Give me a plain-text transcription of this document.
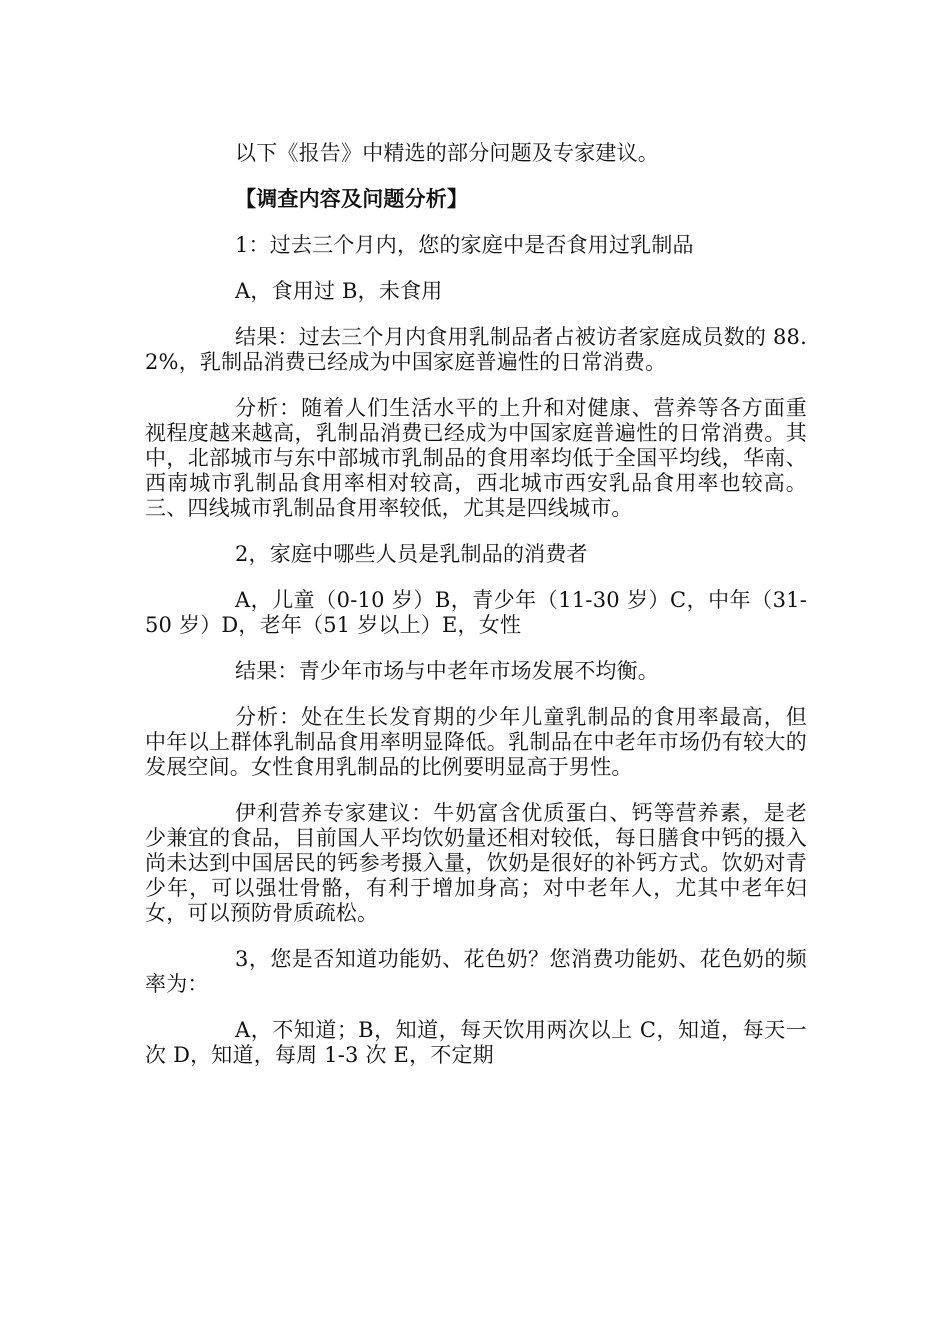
以下《报告》中精选的部分问题及专家建议。

【调查内容及问题分析】

1：过去三个月内，您的家庭中是否食用过乳制品

A，食用过 B，未食用

结果：过去三个月内食用乳制品者占被访者家庭成员数的 88.2%，乳制品消费已经成为中国家庭普遍性的日常消费。

分析：随着人们生活水平的上升和对健康、营养等各方面重视程度越来越高，乳制品消费已经成为中国家庭普遍性的日常消费。其中，北部城市与东中部城市乳制品的食用率均低于全国平均线，华南、西南城市乳制品食用率相对较高，西北城市西安乳品食用率也较高。三、四线城市乳制品食用率较低，尤其是四线城市。

2，家庭中哪些人员是乳制品的消费者

A，儿童（0-10 岁）B，青少年（11-30 岁）C，中年（31-50 岁）D，老年（51 岁以上）E，女性

结果：青少年市场与中老年市场发展不均衡。

分析：处在生长发育期的少年儿童乳制品的食用率最高，但中年以上群体乳制品食用率明显降低。乳制品在中老年市场仍有较大的发展空间。女性食用乳制品的比例要明显高于男性。

伊利营养专家建议：牛奶富含优质蛋白、钙等营养素，是老少兼宜的食品，目前国人平均饮奶量还相对较低，每日膳食中钙的摄入尚未达到中国居民的钙参考摄入量，饮奶是很好的补钙方式。饮奶对青少年，可以强壮骨骼，有利于增加身高；对中老年人，尤其中老年妇女，可以预防骨质疏松。

3，您是否知道功能奶、花色奶？您消费功能奶、花色奶的频率为：

A，不知道；B，知道，每天饮用两次以上 C，知道，每天一次 D，知道，每周 1-3 次 E，不定期
